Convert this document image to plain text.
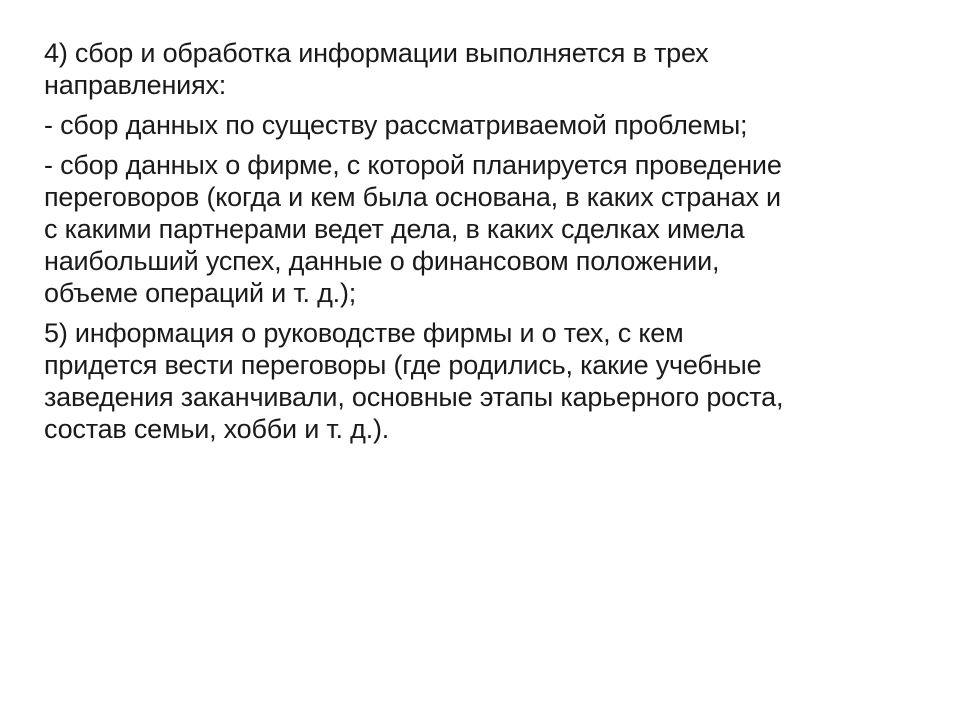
4) сбор и обработка информации выполняется в трех
направлениях:

- сбор данных по существу рассматриваемой проблемы;

- сбор данных о фирме, с которой планируется проведение
переговоров (когда и кем была основана, в каких странах и
с какими партнерами ведет дела, в каких сделках имела
наибольший успех, данные о финансовом положении,
объеме операций и т. д.);

5) информация о руководстве фирмы и о тех, с кем
придется вести переговоры (где родились, какие учебные
заведения заканчивали, основные этапы карьерного роста,
состав семьи, хобби и т. д.).
